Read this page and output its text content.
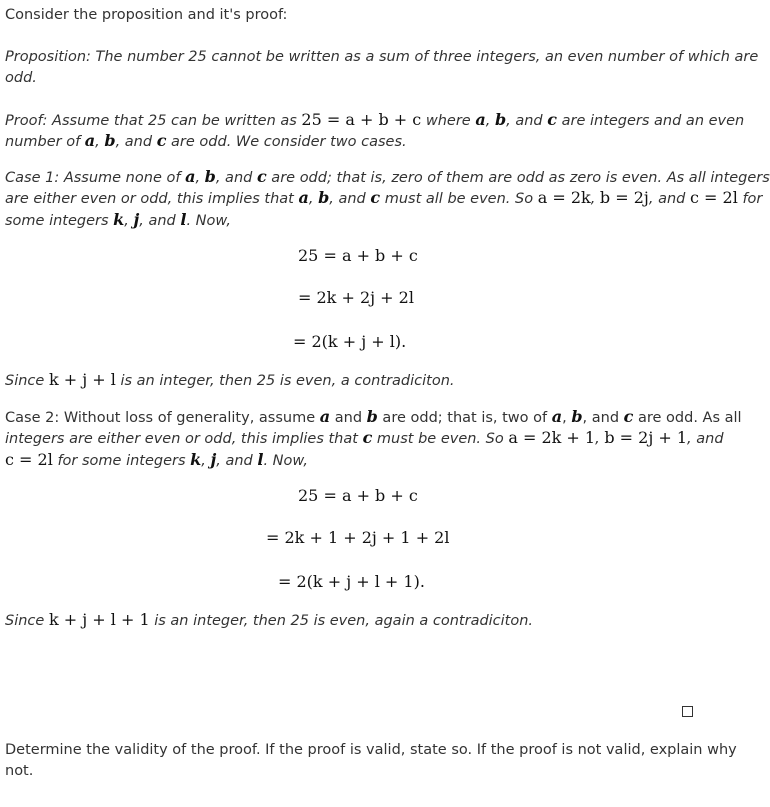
Consider the proposition and it's proof:
Proposition: The number 25 cannot be written as a sum of three integers, an even number of which are
odd.
Proof: Assume that 25 can be written as 25 = a + b + c where a, b, and c are integers and an even
number of a, b, and c are odd. We consider two cases.
Case 1: Assume none of a, b, and c are odd; that is, zero of them are odd as zero is even. As all integers
are either even or odd, this implies that a, b, and c must all be even. So a = 2k, b = 2j, and c = 2l for
some integers k, j, and l. Now,
25 = a + b + c
= 2k + 2j + 2l
= 2(k + j + l).
Since k + j + l is an integer, then 25 is even, a contradiciton.
Case 2: Without loss of generality, assume a and b are odd; that is, two of a, b, and c are odd. As all
integers are either even or odd, this implies that c must be even. So a = 2k + 1, b = 2j + 1, and
c = 2l for some integers k, j, and l. Now,
25 = a + b + c
= 2k + 1 + 2j + 1 + 2l
= 2(k + j + l + 1).
Since k + j + l + 1 is an integer, then 25 is even, again a contradiciton.
Determine the validity of the proof. If the proof is valid, state so. If the proof is not valid, explain why
not.
